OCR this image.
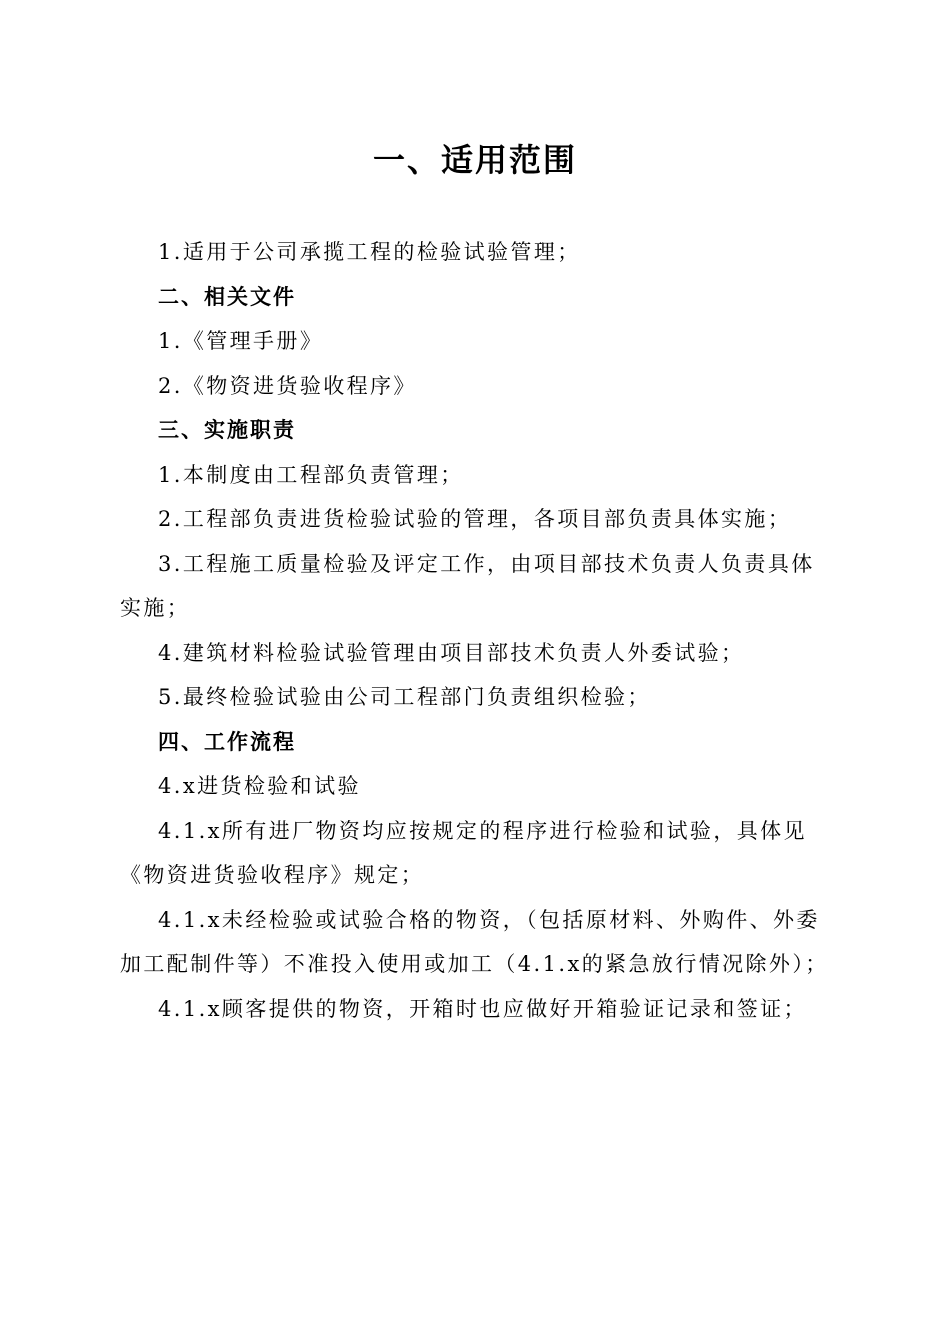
一、适用范围

1.适用于公司承揽工程的检验试验管理；

二、相关文件

1.《管理手册》

2.《物资进货验收程序》

三、实施职责

1.本制度由工程部负责管理；

2.工程部负责进货检验试验的管理，各项目部负责具体实施；

3.工程施工质量检验及评定工作，由项目部技术负责人负责具体实施；

4.建筑材料检验试验管理由项目部技术负责人外委试验；

5.最终检验试验由公司工程部门负责组织检验；

四、工作流程

4.x进货检验和试验

4.1.x所有进厂物资均应按规定的程序进行检验和试验，具体见《物资进货验收程序》规定；

4.1.x未经检验或试验合格的物资，（包括原材料、外购件、外委加工配制件等）不准投入使用或加工（4.1.x的紧急放行情况除外）；

4.1.x顾客提供的物资，开箱时也应做好开箱验证记录和签证；
